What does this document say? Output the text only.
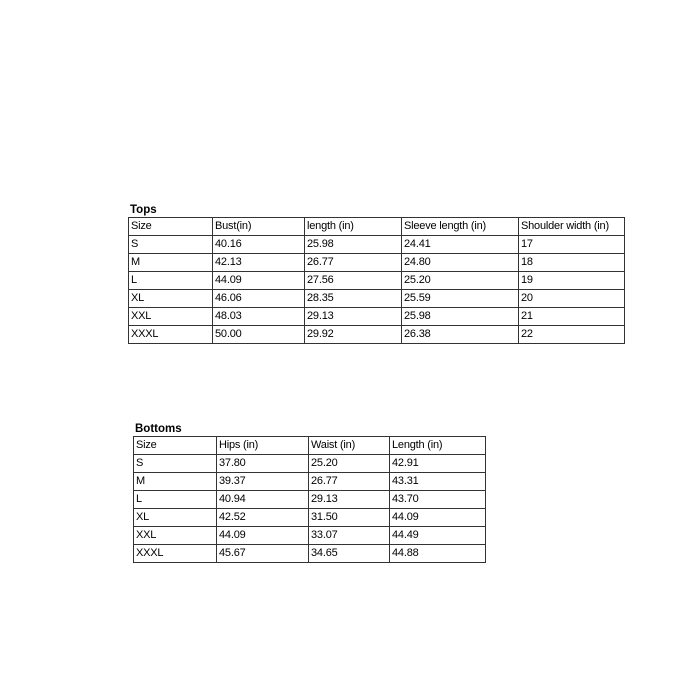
Tops
Size	Bust(in)	length (in)	Sleeve length (in)	Shoulder width (in)
S	40.16	25.98	24.41	17
M	42.13	26.77	24.80	18
L	44.09	27.56	25.20	19
XL	46.06	28.35	25.59	20
XXL	48.03	29.13	25.98	21
XXXL	50.00	29.92	26.38	22
Bottoms
Size	Hips (in)	Waist (in)	Length (in)
S	37.80	25.20	42.91
M	39.37	26.77	43.31
L	40.94	29.13	43.70
XL	42.52	31.50	44.09
XXL	44.09	33.07	44.49
XXXL	45.67	34.65	44.88
